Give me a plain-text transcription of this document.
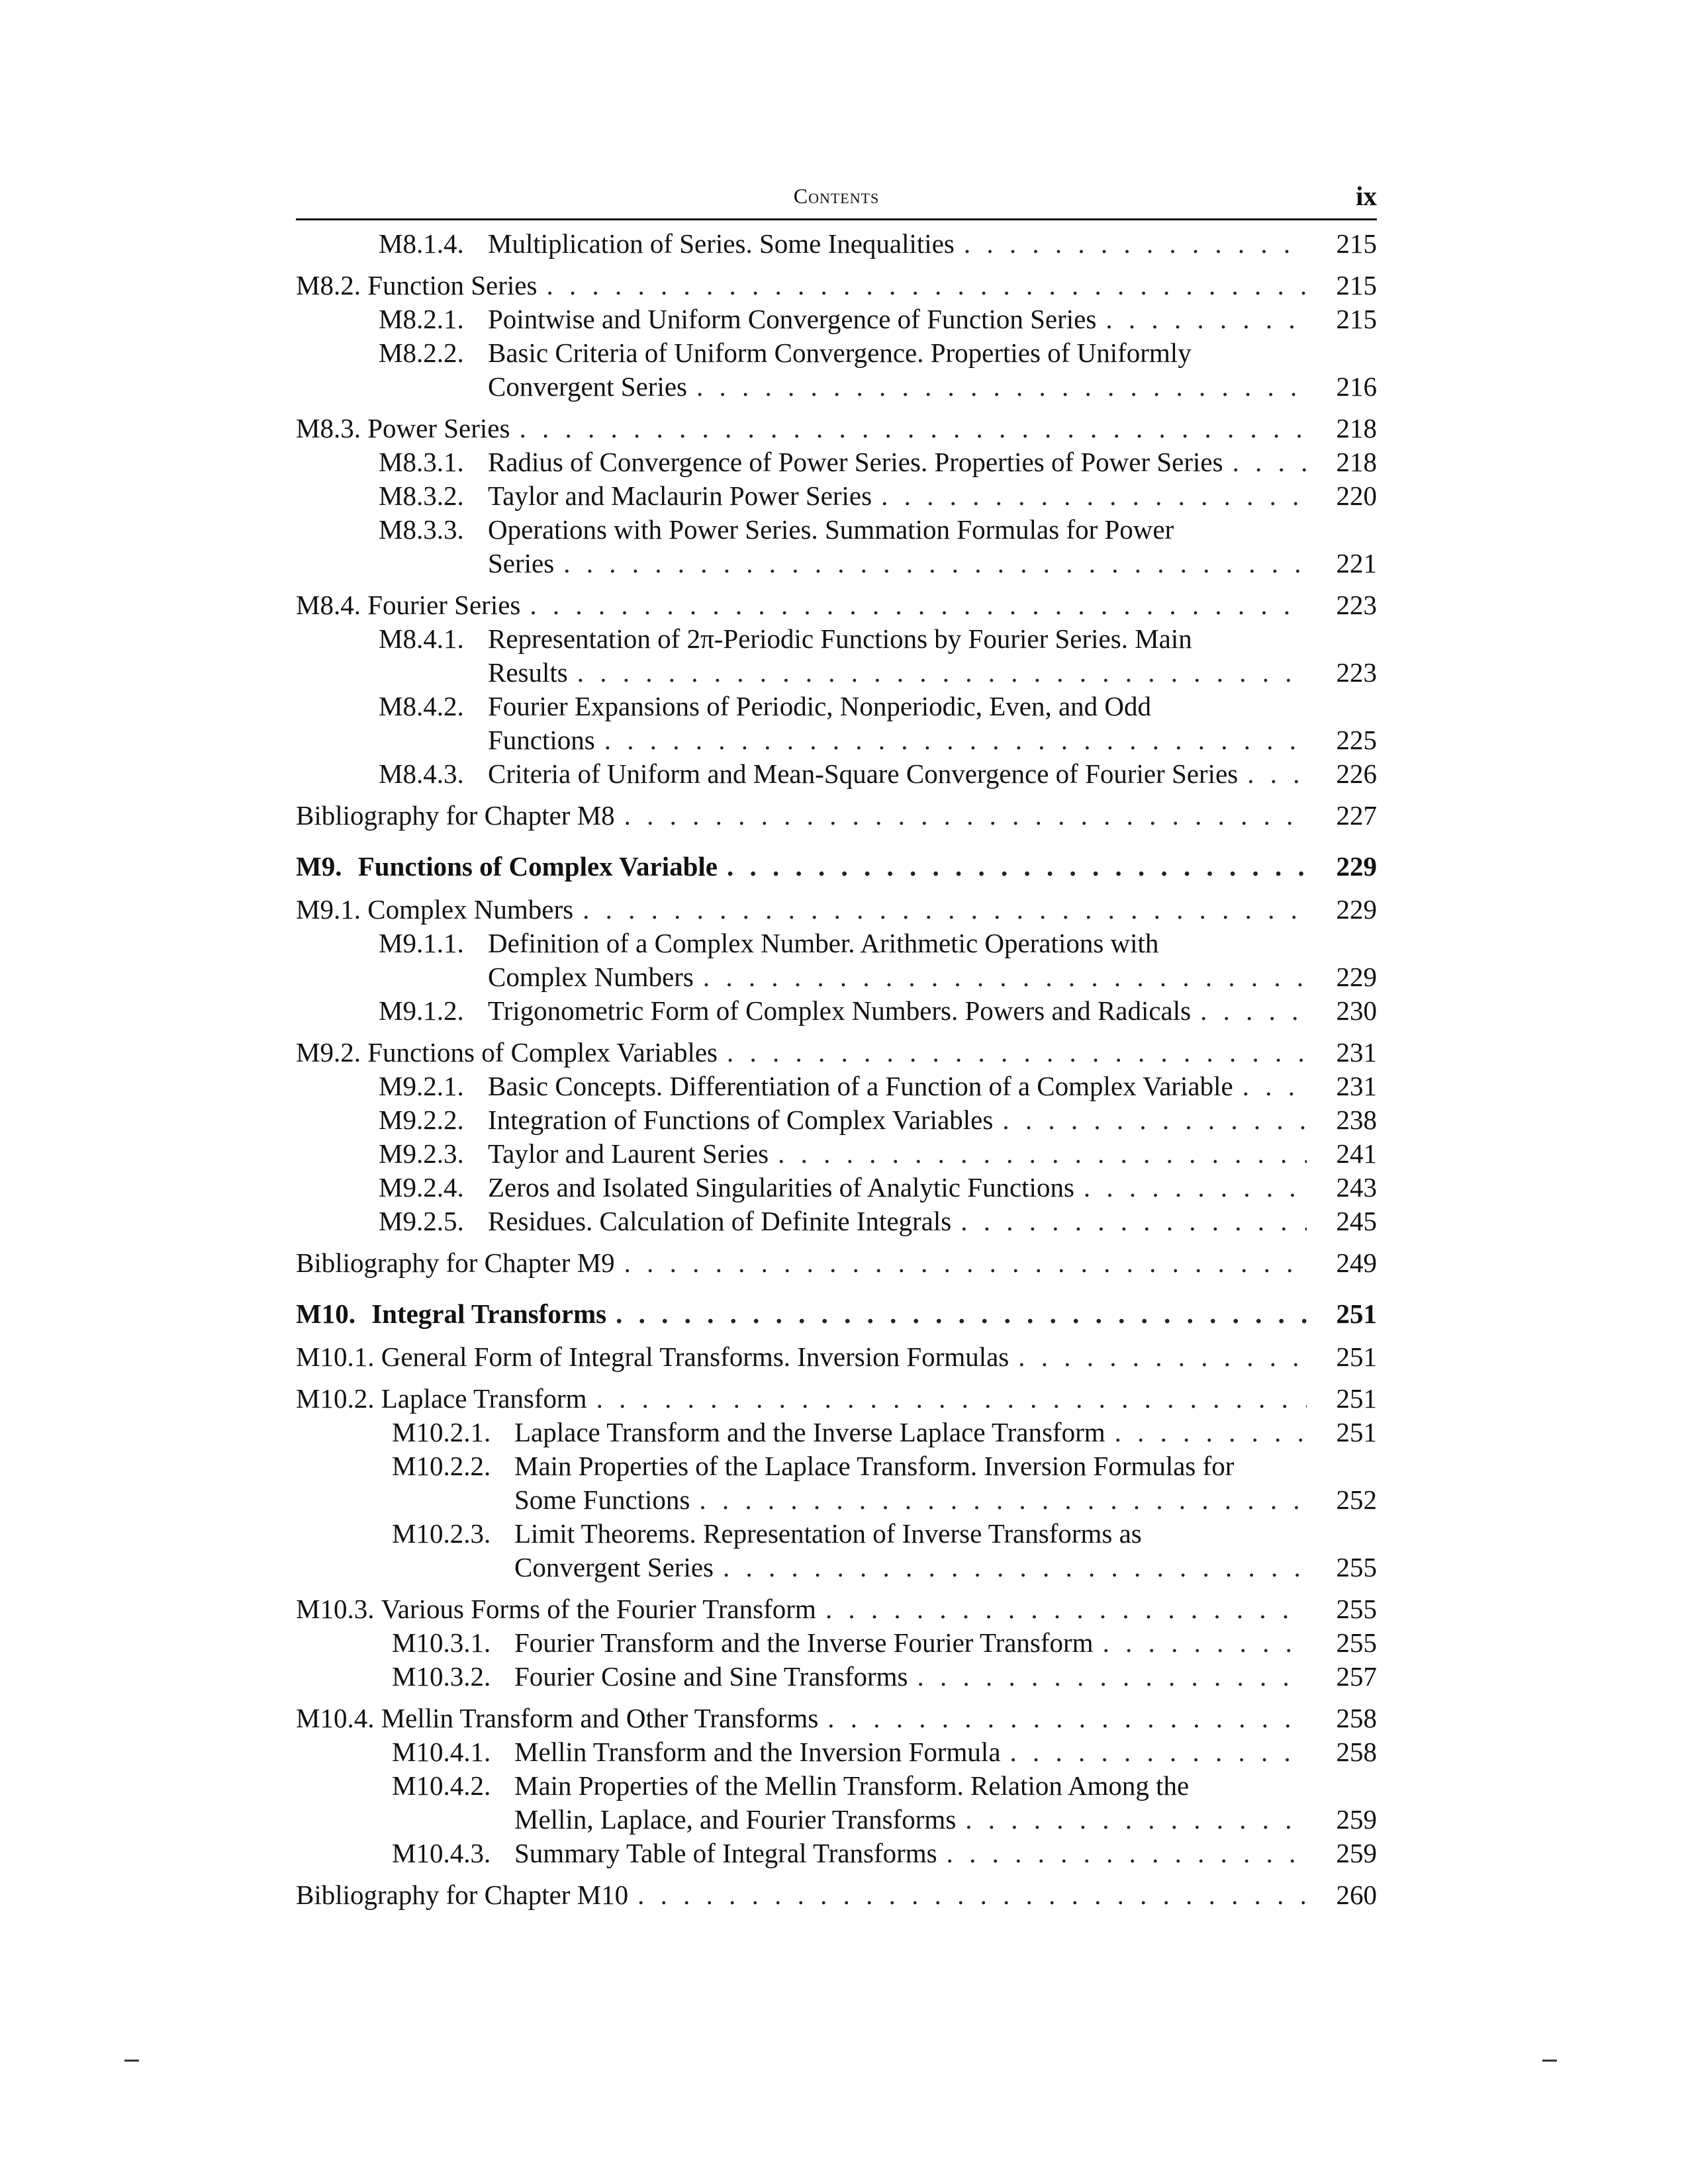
Contents	ix
M8.1.4. Multiplication of Series. Some Inequalities . . .	215
M8.2. Function Series . . .	215
M8.2.1. Pointwise and Uniform Convergence of Function Series . . .	215
M8.2.2. Basic Criteria of Uniform Convergence. Properties of Uniformly
Convergent Series . . .	216
M8.3. Power Series . . .	218
M8.3.1. Radius of Convergence of Power Series. Properties of Power Series . . .	218
M8.3.2. Taylor and Maclaurin Power Series . . .	220
M8.3.3. Operations with Power Series. Summation Formulas for Power
Series . . .	221
M8.4. Fourier Series . . .	223
M8.4.1. Representation of 2π-Periodic Functions by Fourier Series. Main
Results . . .	223
M8.4.2. Fourier Expansions of Periodic, Nonperiodic, Even, and Odd
Functions . . .	225
M8.4.3. Criteria of Uniform and Mean-Square Convergence of Fourier Series . . .	226
Bibliography for Chapter M8 . . .	227
M9. Functions of Complex Variable . . .	229
M9.1. Complex Numbers . . .	229
M9.1.1. Definition of a Complex Number. Arithmetic Operations with
Complex Numbers . . .	229
M9.1.2. Trigonometric Form of Complex Numbers. Powers and Radicals . . .	230
M9.2. Functions of Complex Variables . . .	231
M9.2.1. Basic Concepts. Differentiation of a Function of a Complex Variable . . .	231
M9.2.2. Integration of Functions of Complex Variables . . .	238
M9.2.3. Taylor and Laurent Series . . .	241
M9.2.4. Zeros and Isolated Singularities of Analytic Functions . . .	243
M9.2.5. Residues. Calculation of Definite Integrals . . .	245
Bibliography for Chapter M9 . . .	249
M10. Integral Transforms . . .	251
M10.1. General Form of Integral Transforms. Inversion Formulas . . .	251
M10.2. Laplace Transform . . .	251
M10.2.1. Laplace Transform and the Inverse Laplace Transform . . .	251
M10.2.2. Main Properties of the Laplace Transform. Inversion Formulas for
Some Functions . . .	252
M10.2.3. Limit Theorems. Representation of Inverse Transforms as
Convergent Series . . .	255
M10.3. Various Forms of the Fourier Transform . . .	255
M10.3.1. Fourier Transform and the Inverse Fourier Transform . . .	255
M10.3.2. Fourier Cosine and Sine Transforms . . .	257
M10.4. Mellin Transform and Other Transforms . . .	258
M10.4.1. Mellin Transform and the Inversion Formula . . .	258
M10.4.2. Main Properties of the Mellin Transform. Relation Among the
Mellin, Laplace, and Fourier Transforms . . .	259
M10.4.3. Summary Table of Integral Transforms . . .	259
Bibliography for Chapter M10 . . .	260
